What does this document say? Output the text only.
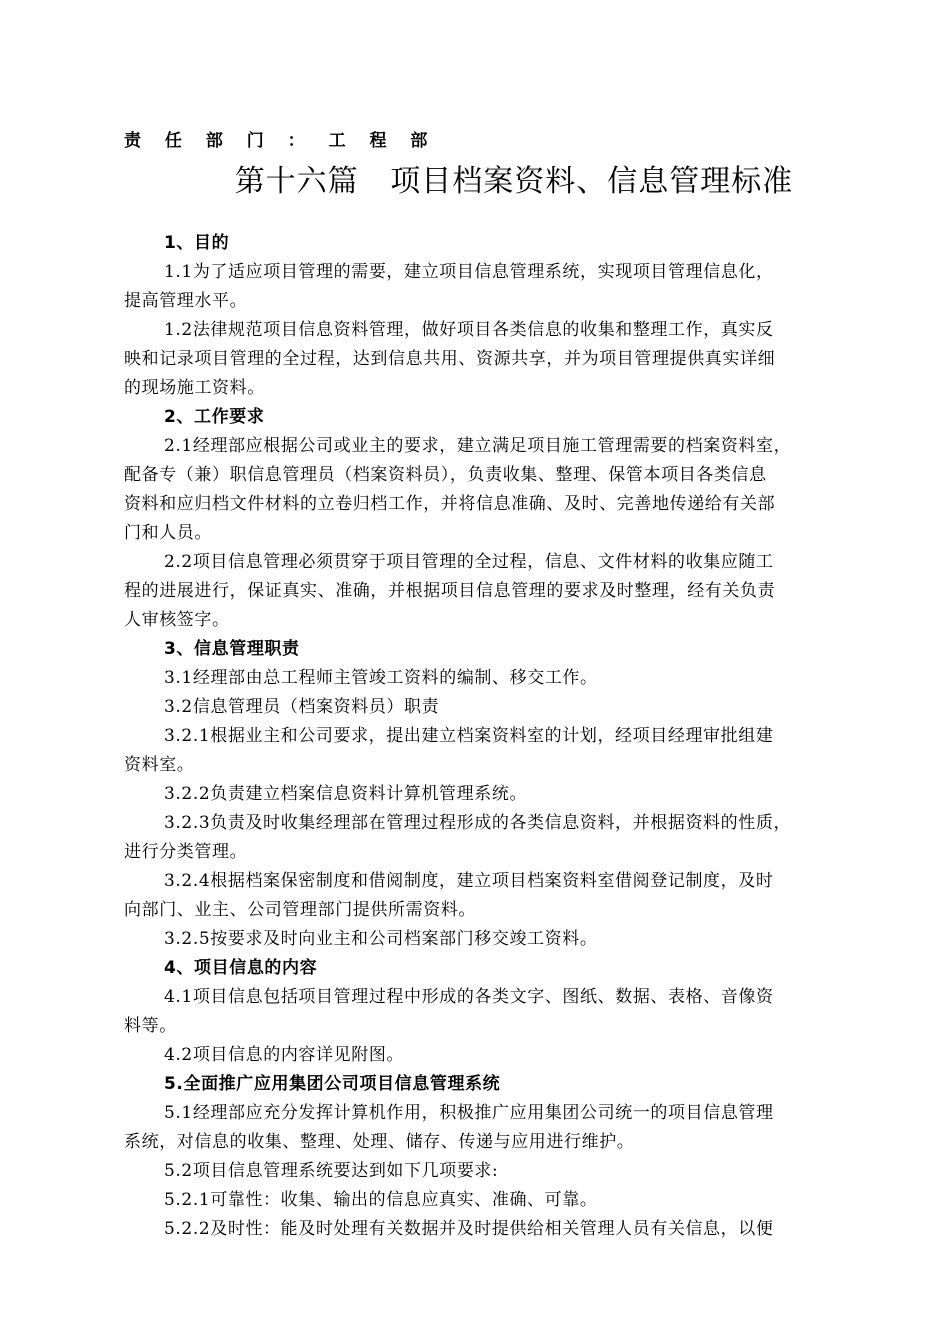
责 任 部 门 ： 工 程 部
第十六篇   项目档案资料、信息管理标准
1、目的
1.1为了适应项目管理的需要，建立项目信息管理系统，实现项目管理信息化，
提高管理水平。
1.2法律规范项目信息资料管理，做好项目各类信息的收集和整理工作，真实反
映和记录项目管理的全过程，达到信息共用、资源共享，并为项目管理提供真实详细
的现场施工资料。
2、工作要求
2.1经理部应根据公司或业主的要求，建立满足项目施工管理需要的档案资料室，
配备专（兼）职信息管理员（档案资料员），负责收集、整理、保管本项目各类信息
资料和应归档文件材料的立卷归档工作，并将信息准确、及时、完善地传递给有关部
门和人员。
2.2项目信息管理必须贯穿于项目管理的全过程，信息、文件材料的收集应随工
程的进展进行，保证真实、准确，并根据项目信息管理的要求及时整理，经有关负责
人审核签字。
3、信息管理职责
3.1经理部由总工程师主管竣工资料的编制、移交工作。
3.2信息管理员（档案资料员）职责
3.2.1根据业主和公司要求，提出建立档案资料室的计划，经项目经理审批组建
资料室。
3.2.2负责建立档案信息资料计算机管理系统。
3.2.3负责及时收集经理部在管理过程形成的各类信息资料，并根据资料的性质，
进行分类管理。
3.2.4根据档案保密制度和借阅制度，建立项目档案资料室借阅登记制度，及时
向部门、业主、公司管理部门提供所需资料。
3.2.5按要求及时向业主和公司档案部门移交竣工资料。
4、项目信息的内容
4.1项目信息包括项目管理过程中形成的各类文字、图纸、数据、表格、音像资
料等。
4.2项目信息的内容详见附图。
5.全面推广应用集团公司项目信息管理系统
5.1经理部应充分发挥计算机作用，积极推广应用集团公司统一的项目信息管理
系统，对信息的收集、整理、处理、储存、传递与应用进行维护。
5.2项目信息管理系统要达到如下几项要求:
5.2.1可靠性：收集、输出的信息应真实、准确、可靠。
5.2.2及时性：能及时处理有关数据并及时提供给相关管理人员有关信息，以便
